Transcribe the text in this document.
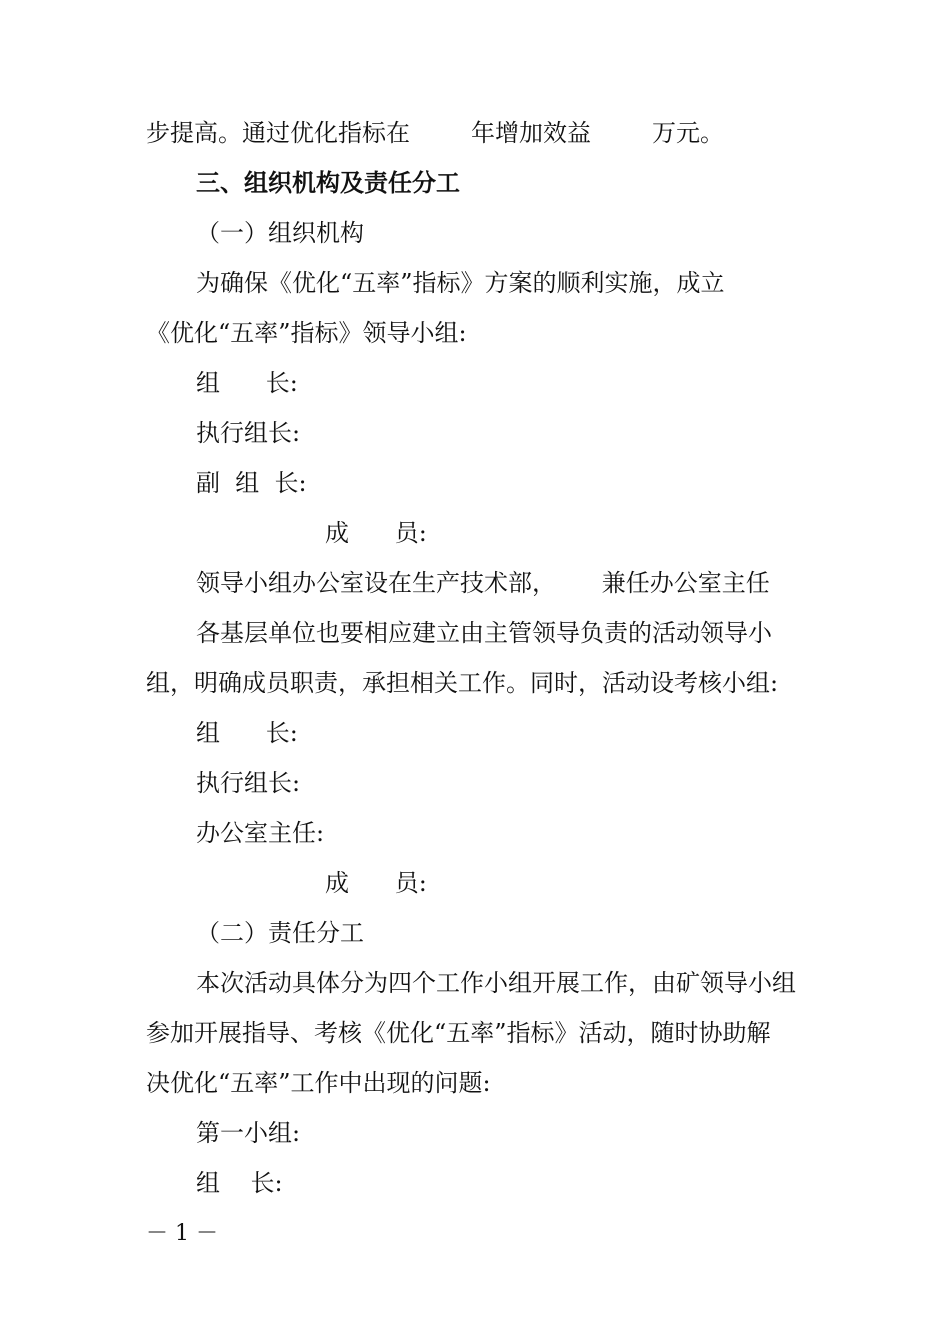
步提高。通过优化指标在        年增加效益        万元。
三、组织机构及责任分工
（一）组织机构
为确保《优化“五率”指标》方案的顺利实施，成立
《优化“五率”指标》领导小组:
组      长:
执行组长:
副  组  长:
成      员:
领导小组办公室设在生产技术部，      兼任办公室主任
各基层单位也要相应建立由主管领导负责的活动领导小
组，明确成员职责，承担相关工作。同时，活动设考核小组:
组      长:
执行组长:
办公室主任:
成      员:
（二）责任分工
本次活动具体分为四个工作小组开展工作，由矿领导小组
参加开展指导、考核《优化“五率”指标》活动，随时协助解
决优化“五率”工作中出现的问题:
第一小组:
组    长:
－ 1 －
